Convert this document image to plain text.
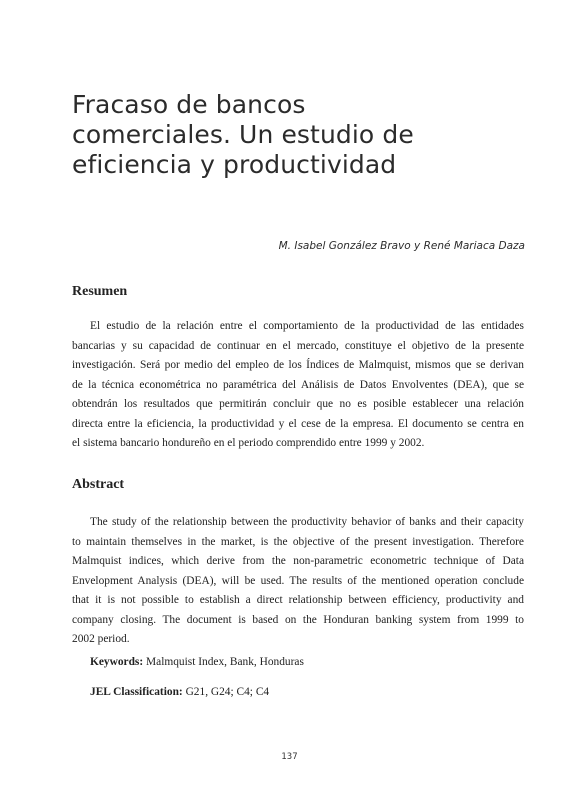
Fracaso de bancos
comerciales. Un estudio de
eficiencia y productividad
M. Isabel González Bravo y René Mariaca Daza
Resumen
El estudio de la relación entre el comportamiento de la productividad de las entidades
bancarias y su capacidad de continuar en el mercado, constituye el objetivo de la presente
investigación. Será por medio del empleo de los Índices de Malmquist, mismos que se derivan
de la técnica econométrica no paramétrica del Análisis de Datos Envolventes (DEA), que se
obtendrán los resultados que permitirán concluir que no es posible establecer una relación
directa entre la eficiencia, la productividad y el cese de la empresa. El documento se centra en
el sistema bancario hondureño en el periodo comprendido entre 1999 y 2002.
Abstract
The study of the relationship between the productivity behavior of banks and their capacity
to maintain themselves in the market, is the objective of the present investigation. Therefore
Malmquist indices, which derive from the non-parametric econometric technique of Data
Envelopment Analysis (DEA), will be used. The results of the mentioned operation conclude
that it is not possible to establish a direct relationship between efficiency, productivity and
company closing. The document is based on the Honduran banking system from 1999 to
2002 period.
Keywords: Malmquist Index, Bank, Honduras
JEL Classification: G21, G24; C4; C4
137
